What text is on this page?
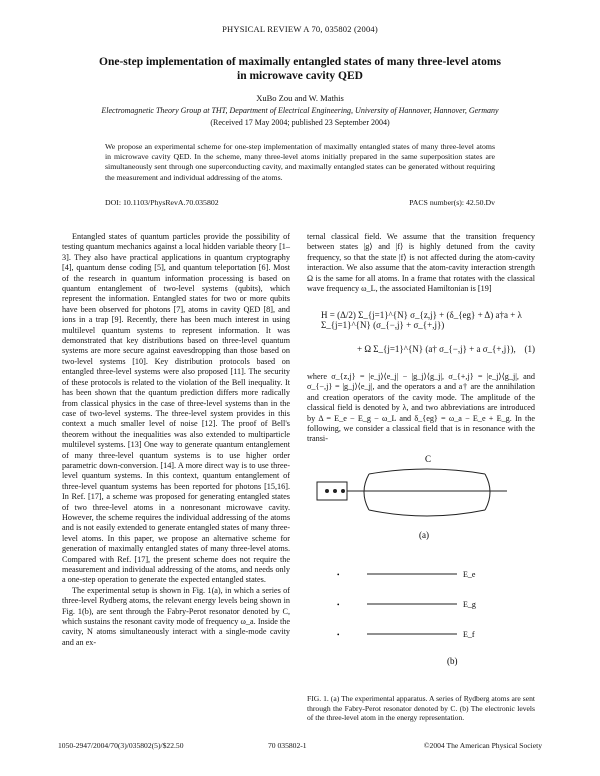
PHYSICAL REVIEW A 70, 035802 (2004)
One-step implementation of maximally entangled states of many three-level atoms
in microwave cavity QED
XuBo Zou and W. Mathis
Electromagnetic Theory Group at THT, Department of Electrical Engineering, University of Hannover, Hannover, Germany
(Received 17 May 2004; published 23 September 2004)
We propose an experimental scheme for one-step implementation of maximally entangled states of many three-level atoms in microwave cavity QED. In the scheme, many three-level atoms initially prepared in the same superposition states are simultaneously sent through one superconducting cavity, and maximally entangled states can be generated without requiring the measurement and individual addressing of the atoms.
DOI: 10.1103/PhysRevA.70.035802	PACS number(s): 42.50.Dv

Entangled states of quantum particles provide the possibility of testing quantum mechanics against a local hidden variable theory [1–3]. They also have practical applications in quantum cryptography [4], quantum dense coding [5], and quantum teleportation [6]. Most of the research in quantum information processing is based on quantum entanglement of two-level systems (qubits), which represent the information. Entangled states for two or more qubits have been observed for photons [7], atoms in cavity QED [8], and ions in a trap [9]. Recently, there has been much interest in using multilevel quantum systems to represent information. It was demonstrated that key distributions based on three-level quantum systems are more secure against eavesdropping than those based on two-level systems [10]. Key distribution protocols based on entangled three-level systems were also proposed [11]. The security of these protocols is related to the violation of the Bell inequality. It has been shown that the quantum prediction differs more radically from classical physics in the case of three-level systems than in the case of two-level systems. The three-level system provides in this context a much smaller level of noise [12]. The proof of Bell's theorem without the inequalities was also extended to multiparticle multilevel systems. [13] One way to generate quantum entanglement of many three-level quantum systems is to use higher order parametric down-conversion. [14]. A more direct way is to use three-level quantum systems. In this context, quantum entanglement of three-level quantum systems has been reported for photons [15,16]. In Ref. [17], a scheme was proposed for generating entangled states of two three-level atoms in a nonresonant microwave cavity. However, the scheme requires the individual addressing of the atoms and is not easily extended to generate entangled states of many three-level atoms. In this paper, we propose an alternative scheme for generation of maximally entangled states of many three-level atoms. Compared with Ref. [17], the present scheme does not require the measurement and individual addressing of the atoms, and needs only a one-step operation to generate the expected entangled states.

The experimental setup is shown in Fig. 1(a), in which a series of three-level Rydberg atoms, the relevant energy levels being shown in Fig. 1(b), are sent through the Fabry-Perot resonator denoted by C, which sustains the resonant cavity mode of frequency ω_a. Inside the cavity, N atoms simultaneously interact with a single-mode cavity and an ex-

ternal classical field. We assume that the transition frequency between states |g⟩ and |f⟩ is highly detuned from the cavity frequency, so that the state |f⟩ is not affected during the atom-cavity interaction. We also assume that the atom-cavity interaction strength Ω is the same for all atoms. In a frame that rotates with the classical wave frequency ω_L, the associated Hamiltonian is [19]

H = (Δ/2) Σ_{j=1}^{N} σ_{z,j} + (δ_{eg} + Δ) a†a + λ Σ_{j=1}^{N} (σ_{−,j} + σ_{+,j})
+ Ω Σ_{j=1}^{N} (a† σ_{−,j} + a σ_{+,j}), (1)

where σ_{z,j} = |e_j⟩⟨e_j| − |g_j⟩⟨g_j|, σ_{+,j} = |e_j⟩⟨g_j|, and σ_{−,j} = |g_j⟩⟨e_j|, and the operators a and a† are the annihilation and creation operators of the cavity mode. The amplitude of the classical field is denoted by λ, and two abbreviations are introduced by Δ = E_e − E_g − ω_L and δ_{eg} = ω_a − E_e + E_g. In the following, we consider a classical field that is in resonance with the transi-

C
(a)
•
•
•
E_e
E_g
E_f
(b)
FIG. 1. (a) The experimental apparatus. A series of Rydberg atoms are sent through the Fabry-Perot resonator denoted by C. (b) The electronic levels of the three-level atom in the energy representation.
1050-2947/2004/70(3)/035802(5)/$22.50	70 035802-1	©2004 The American Physical Society
